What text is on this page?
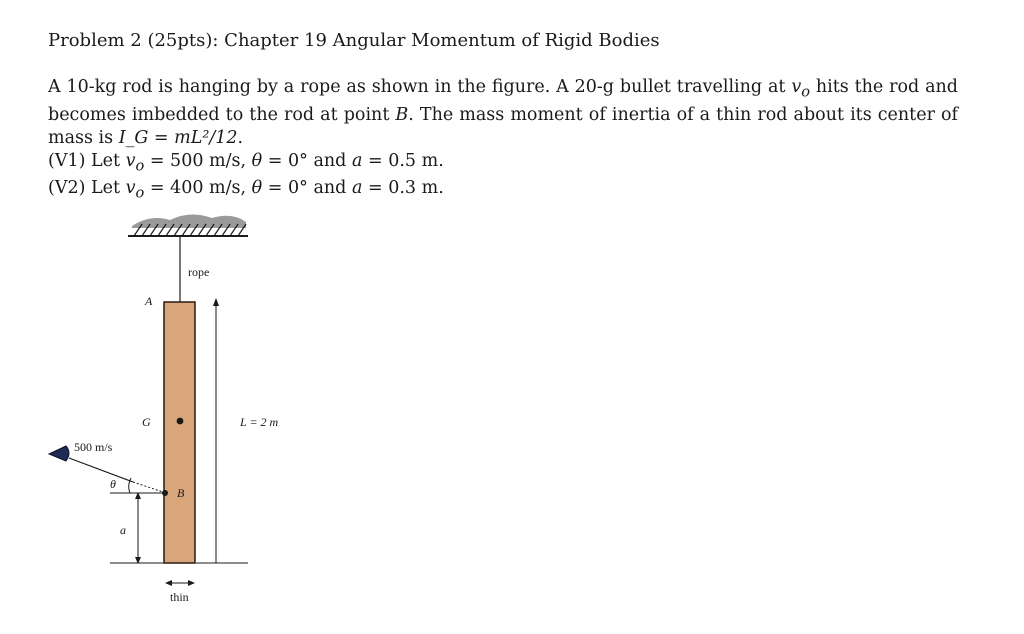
Problem 2 (25pts): Chapter 19 Angular Momentum of Rigid Bodies

A 10-kg rod is hanging by a rope as shown in the figure. A 20-g bullet travelling at $v_o$ hits the rod and becomes imbedded to the rod at point B. The mass moment of inertia of a thin rod about its center of mass is I_G = mL²/12.

(V1) Let $v_o = 500$ m/s, θ = 0° and a = 0.5 m.
(V2) Let $v_o = 400$ m/s, θ = 0° and a = 0.3 m.
rope
A
G	L = 2 m
500 m/s
B
θ
a
thin
